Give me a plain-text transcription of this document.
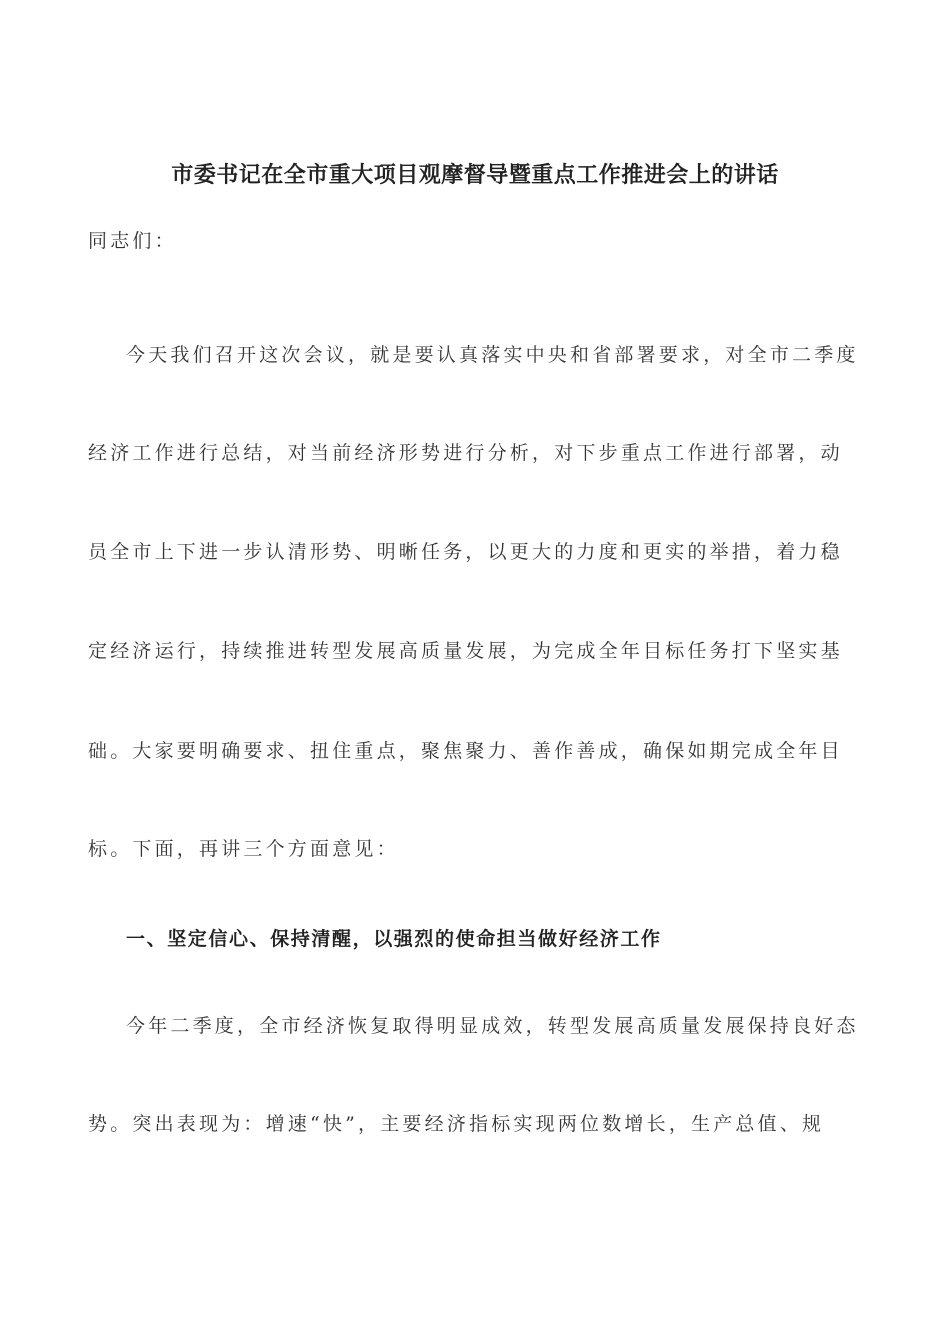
市委书记在全市重大项目观摩督导暨重点工作推进会上的讲话
同志们：
今天我们召开这次会议，就是要认真落实中央和省部署要求，对全市二季度
经济工作进行总结，对当前经济形势进行分析，对下步重点工作进行部署，动
员全市上下进一步认清形势、明晰任务，以更大的力度和更实的举措，着力稳
定经济运行，持续推进转型发展高质量发展，为完成全年目标任务打下坚实基
础。大家要明确要求、扭住重点，聚焦聚力、善作善成，确保如期完成全年目
标。下面，再讲三个方面意见：
一、坚定信心、保持清醒，以强烈的使命担当做好经济工作
今年二季度，全市经济恢复取得明显成效，转型发展高质量发展保持良好态
势。突出表现为：增速“快”，主要经济指标实现两位数增长，生产总值、规
